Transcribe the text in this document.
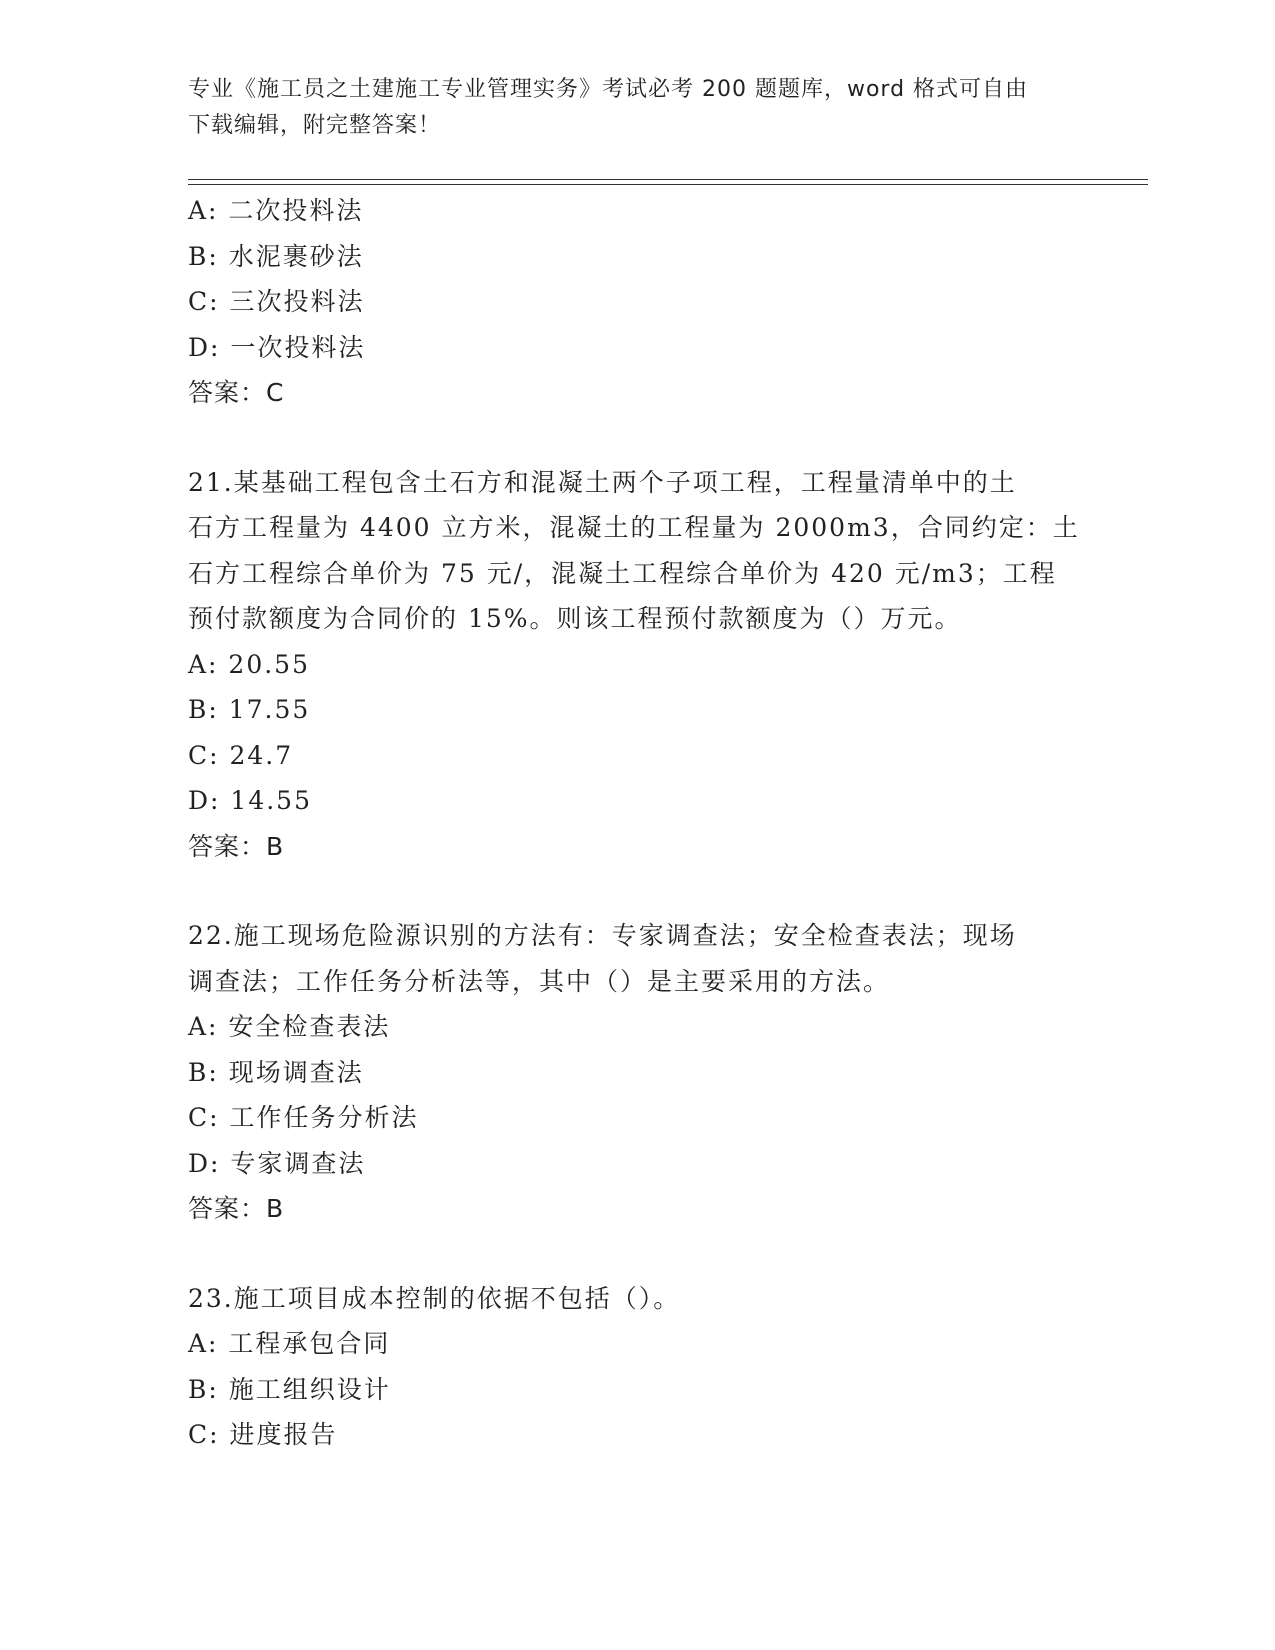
专业《施工员之土建施工专业管理实务》考试必考 200 题题库，word 格式可自由
下载编辑，附完整答案！
A: 二次投料法
B: 水泥裹砂法
C: 三次投料法
D: 一次投料法
答案：C
21.某基础工程包含土石方和混凝土两个子项工程，工程量清单中的土
石方工程量为 4400 立方米，混凝土的工程量为 2000m3，合同约定：土
石方工程综合单价为 75 元/，混凝土工程综合单价为 420 元/m3；工程
预付款额度为合同价的 15%。则该工程预付款额度为（）万元。
A: 20.55
B: 17.55
C: 24.7
D: 14.55
答案：B
22.施工现场危险源识别的方法有：专家调查法；安全检查表法；现场
调查法；工作任务分析法等，其中（）是主要采用的方法。
A: 安全检查表法
B: 现场调查法
C: 工作任务分析法
D: 专家调查法
答案：B
23.施工项目成本控制的依据不包括（）。
A: 工程承包合同
B: 施工组织设计
C: 进度报告
